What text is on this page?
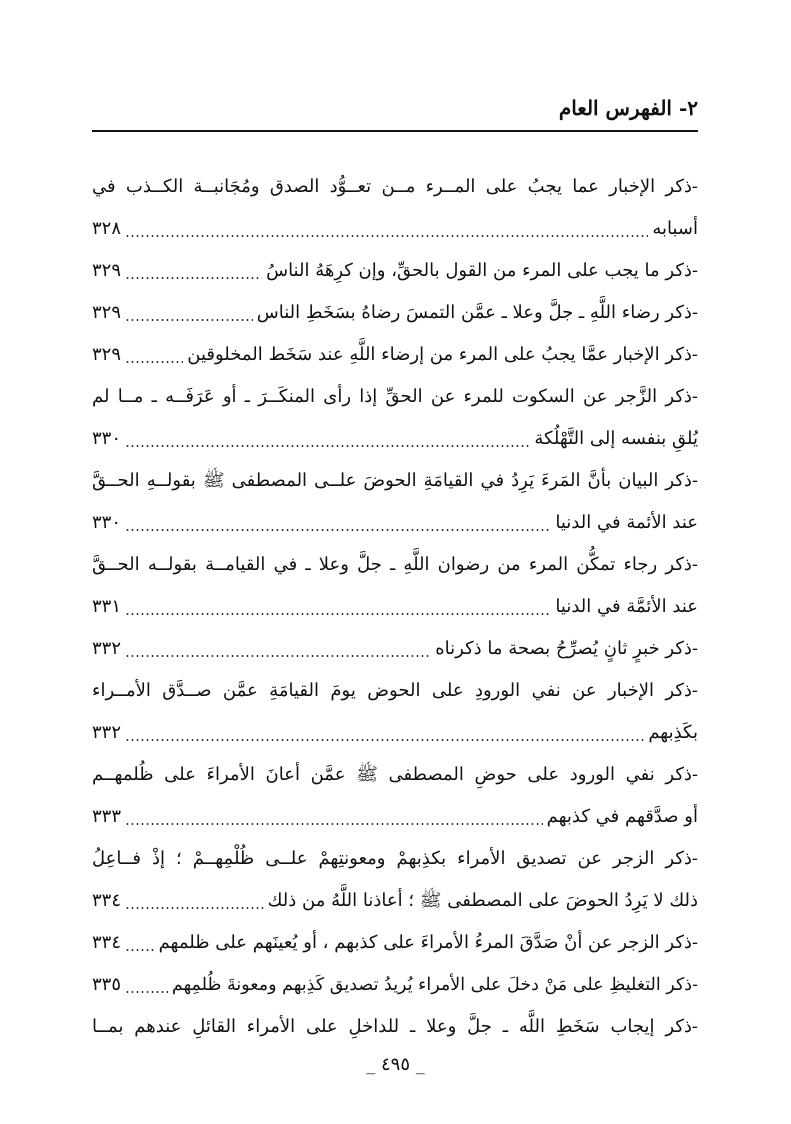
٢- الفهرس العام
-ذكر الإخبار عما يجبُ على المــرء مــن تعــوُّد الصدق ومُجَانبــة الكــذب في
أسبابه
٣٢٨
-ذكر ما يجب على المرء من القول بالحقِّ، وإن كرِهَهُ الناسُ
٣٢٩
-ذكر رضاء اللَّهِ ـ جلَّ وعلا ـ عمَّن التمسَ رضاهُ بسَخَطِ الناس
٣٢٩
-ذكر الإخبار عمَّا يجبُ على المرء من إرضاء اللَّهِ عند سَخَط المخلوقين
٣٢٩
-ذكر الزَّجر عن السكوت للمرء عن الحقِّ إذا رأى المنكَــرَ ـ أو عَرَفَــه ـ مــا لم
يُلقِ بنفسه إلى التَّهْلُكة
٣٣٠
-ذكر البيان بأنَّ المَرءَ يَرِدُ في القيامَةِ الحوضَ علــى المصطفى ﷺ بقولــهِ الحــقَّ
عند الأئمة في الدنيا
٣٣٠
-ذكر رجاء تمكُّن المرء من رضوان اللَّهِ ـ جلَّ وعلا ـ في القيامــة بقولــه الحــقَّ
عند الأئمَّة في الدنيا
٣٣١
-ذكر خبرٍ ثانٍ يُصرِّحُ بصحة ما ذكرناه
٣٣٢
-ذكر الإخبار عن نفي الورودِ على الحوض يومَ القيامَةِ عمَّن صــدَّق الأمــراء
بكَذِبهم
٣٣٢
-ذكر نفي الورود على حوضِ المصطفى ﷺ عمَّن أعانَ الأمراءَ على ظُلمهــم
أو صدَّقهم في كذبهم
٣٣٣
-ذكر الزجر عن تصديق الأمراء بكذِبهمْ ومعونتِهمْ علــى ظُلْمِهــمْ ؛ إذْ فــاعِلُ
ذلك لا يَرِدُ الحوضَ على المصطفى ﷺ ؛ أعاذنا اللَّهُ من ذلك
٣٣٤
-ذكر الزجر عن أنْ صَدَّقَ المرءُ الأمراءَ على كذبهم ، أو يُعينَهم على ظلمهم
٣٣٤
-ذكر التغليظِ على مَنْ دخلَ على الأمراء يُريدُ تصديق كَذِبهم ومعونةَ ظُلمِهم
٣٣٥
-ذكر إيجاب سَخَطِ اللَّه ـ جلَّ وعلا ـ للداخلِ على الأمراء القائلِ عندهم بمــا
_ ٤٩٥ _
